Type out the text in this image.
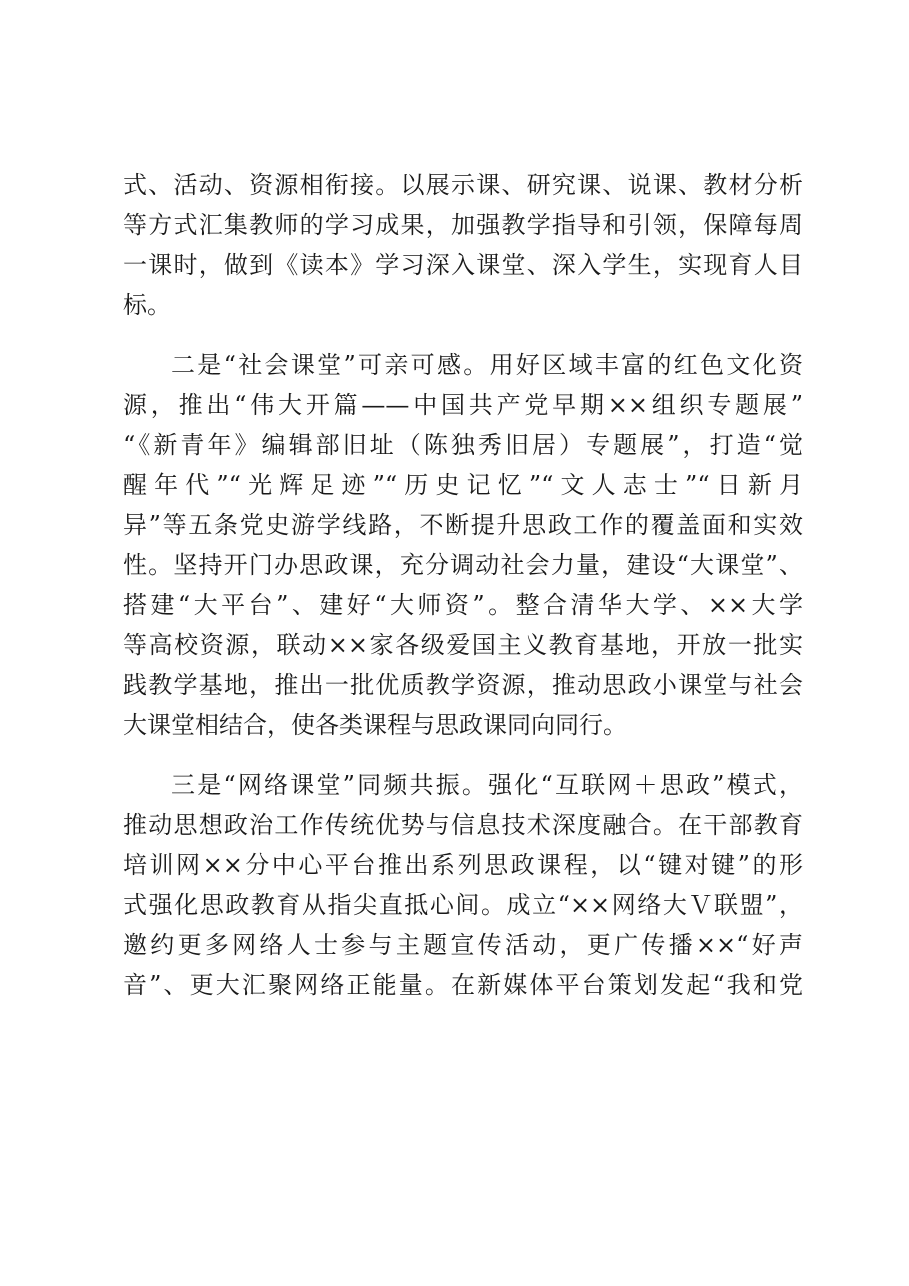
式、活动、资源相衔接。以展示课、研究课、说课、教材分析
等方式汇集教师的学习成果，加强教学指导和引领，保障每周
一课时，做到《读本》学习深入课堂、深入学生，实现育人目
标。
二是“社会课堂”可亲可感。用好区域丰富的红色文化资
源，推出“伟大开篇——中国共产党早期××组织专题展”
“《新青年》编辑部旧址（陈独秀旧居）专题展”，打造“觉
醒年代”“光辉足迹”“历史记忆”“文人志士”“日新月
异”等五条党史游学线路，不断提升思政工作的覆盖面和实效
性。坚持开门办思政课，充分调动社会力量，建设“大课堂”、
搭建“大平台”、建好“大师资”。整合清华大学、××大学
等高校资源，联动××家各级爱国主义教育基地，开放一批实
践教学基地，推出一批优质教学资源，推动思政小课堂与社会
大课堂相结合，使各类课程与思政课同向同行。
三是“网络课堂”同频共振。强化“互联网＋思政”模式，
推动思想政治工作传统优势与信息技术深度融合。在干部教育
培训网××分中心平台推出系列思政课程，以“键对键”的形
式强化思政教育从指尖直抵心间。成立“××网络大Ｖ联盟”，
邀约更多网络人士参与主题宣传活动，更广传播××“好声
音”、更大汇聚网络正能量。在新媒体平台策划发起“我和党
